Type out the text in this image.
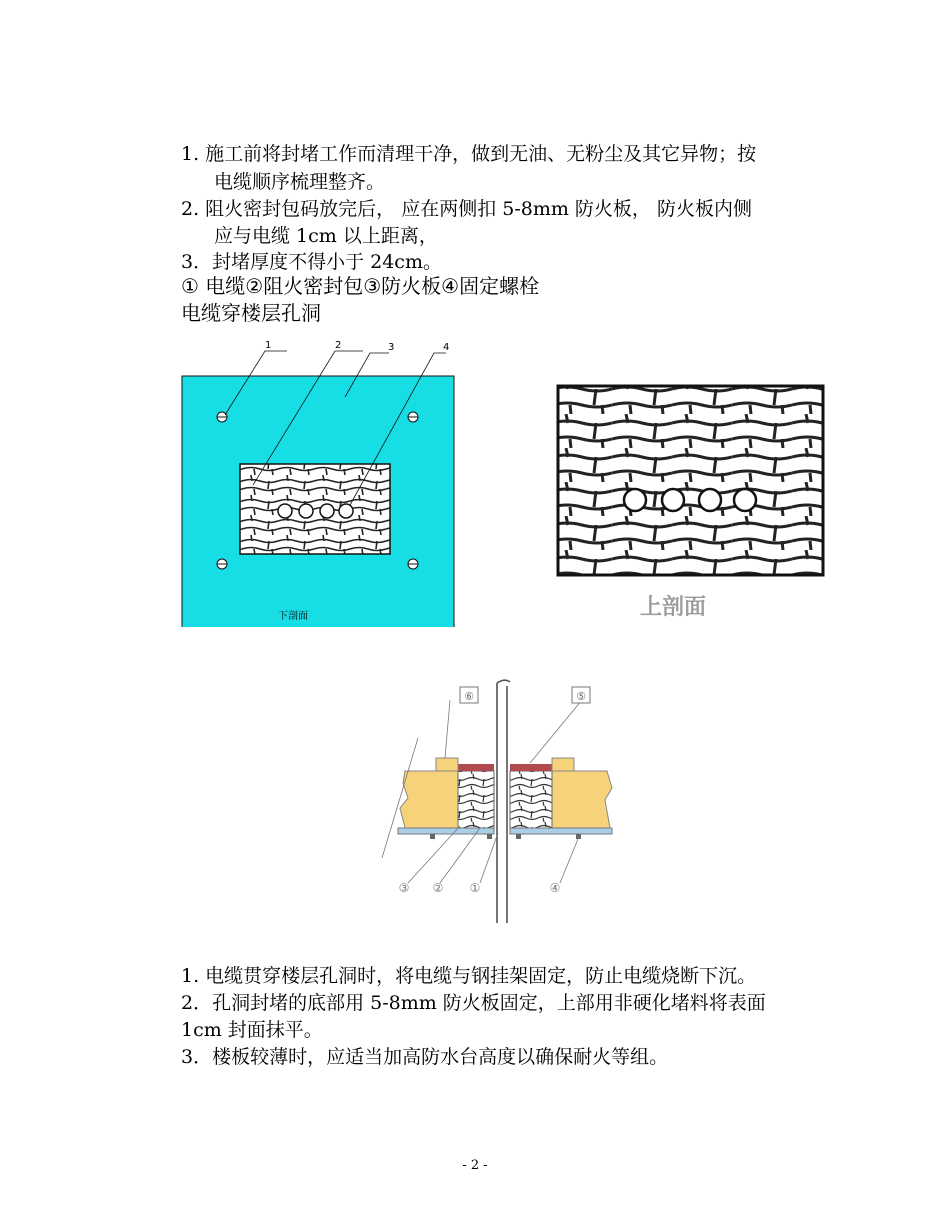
1. 施工前将封堵工作而清理干净，做到无油、无粉尘及其它异物；按
电缆顺序梳理整齐。
2. 阻火密封包码放完后， 应在两侧扣 5-8mm 防火板， 防火板内侧
应与电缆 1cm 以上距离，
3．封堵厚度不得小于 24cm。
① 电缆②阻火密封包③防火板④固定螺栓
电缆穿楼层孔洞
1	2	3	4
下剖面	上剖面
⑥	⑤
③ ② ①	④
1. 电缆贯穿楼层孔洞时，将电缆与钢挂架固定，防止电缆烧断下沉。
2．孔洞封堵的底部用 5-8mm 防火板固定，上部用非硬化堵料将表面
1cm 封面抹平。
3．楼板较薄时，应适当加高防水台高度以确保耐火等组。
- 2 -
